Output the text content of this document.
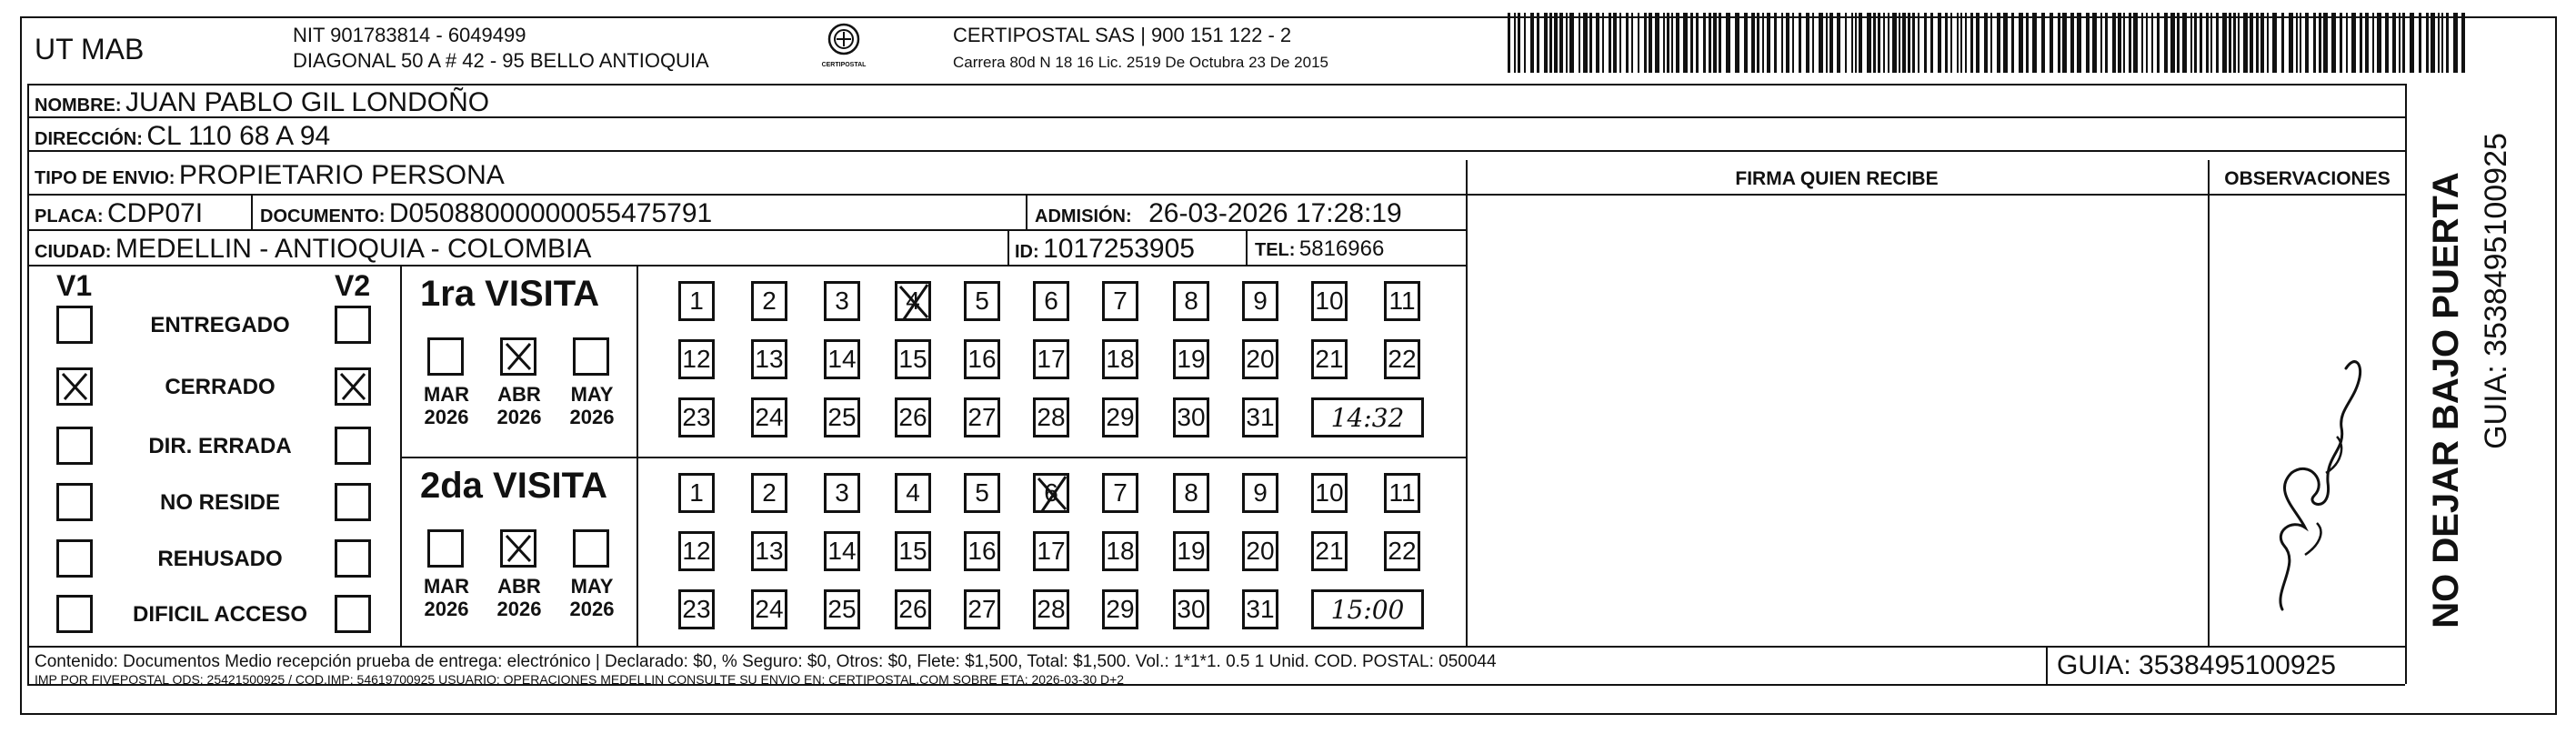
UT MAB	NIT 901783814 - 6049499
DIAGONAL 50 A # 42 - 95 BELLO ANTIOQUIA	CERTIPOSTAL
CERTIPOSTAL SAS | 900 151 122 - 2
Carrera 80d N 18 16 Lic. 2519 De Octubra 23 De 2015
NOMBRE: JUAN PABLO GIL LONDOÑO
DIRECCIÓN: CL 110 68 A 94
TIPO DE ENVIO: PROPIETARIO PERSONA	FIRMA QUIEN RECIBE	OBSERVACIONES
PLACA: CDP07I	DOCUMENTO: D05088000000055475791	ADMISIÓN: 26-03-2026 17:28:19
CIUDAD: MEDELLIN - ANTIOQUIA - COLOMBIA	ID: 1017253905	TEL: 5816966
V1	V2
ENTREGADO
CERRADO
DIR. ERRADA
NO RESIDE
REHUSADO
DIFICIL ACCESO
1ra VISITA
MAR
2026
ABR
2026
MAY
2026
1	2	3	4	5	6	7	8	9	10 11
12 13 14 15 16 17 18 19 20 21 22
23 24 25 26 27 28 29 30 31	14:32
2da VISITA
MAR
2026
ABR
2026
MAY
2026
1	2	3	4	5	6	7	8	9	10 11
12 13 14 15 16 17 18 19 20 21 22
23 24 25 26 27 28 29 30 31	15:00	NO DEJAR BAJO PUERTA GUIA: 3538495100925
Contenido: Documentos Medio recepción prueba de entrega: electrónico | Declarado: $0, % Seguro: $0, Otros: $0, Flete: $1,500, Total: $1,500. Vol.: 1*1*1. 0.5 1 Unid. COD. POSTAL: 050044
IMP POR FIVEPOSTAL ODS: 25421500925 / COD.IMP: 54619700925 USUARIO: OPERACIONES MEDELLIN CONSULTE SU ENVIO EN: CERTIPOSTAL.COM SOBRE ETA: 2026-03-30 D+2	GUIA: 3538495100925
